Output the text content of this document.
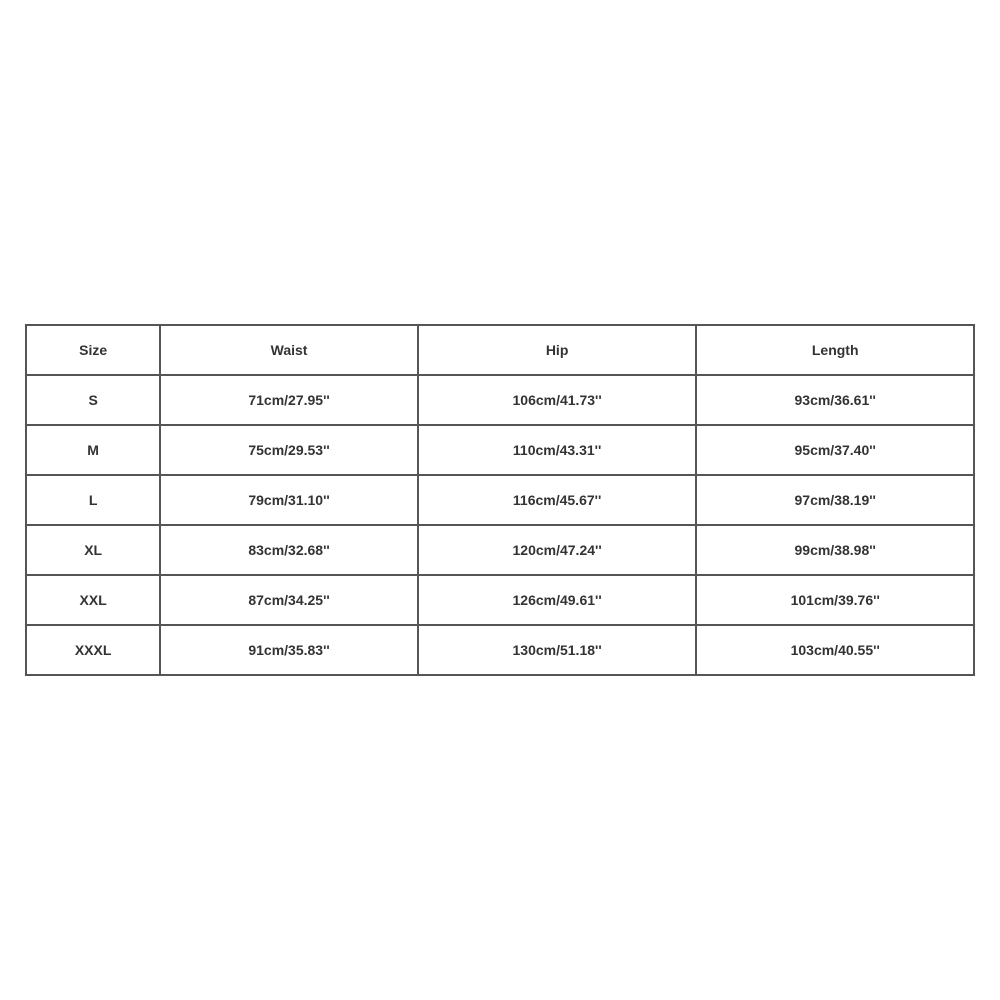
Size	Waist	Hip	Length
S	71cm/27.95''	106cm/41.73''	93cm/36.61''
M	75cm/29.53''	110cm/43.31''	95cm/37.40''
L	79cm/31.10''	116cm/45.67''	97cm/38.19''
XL	83cm/32.68''	120cm/47.24''	99cm/38.98''
XXL	87cm/34.25''	126cm/49.61''	101cm/39.76''
XXXL	91cm/35.83''	130cm/51.18''	103cm/40.55''
